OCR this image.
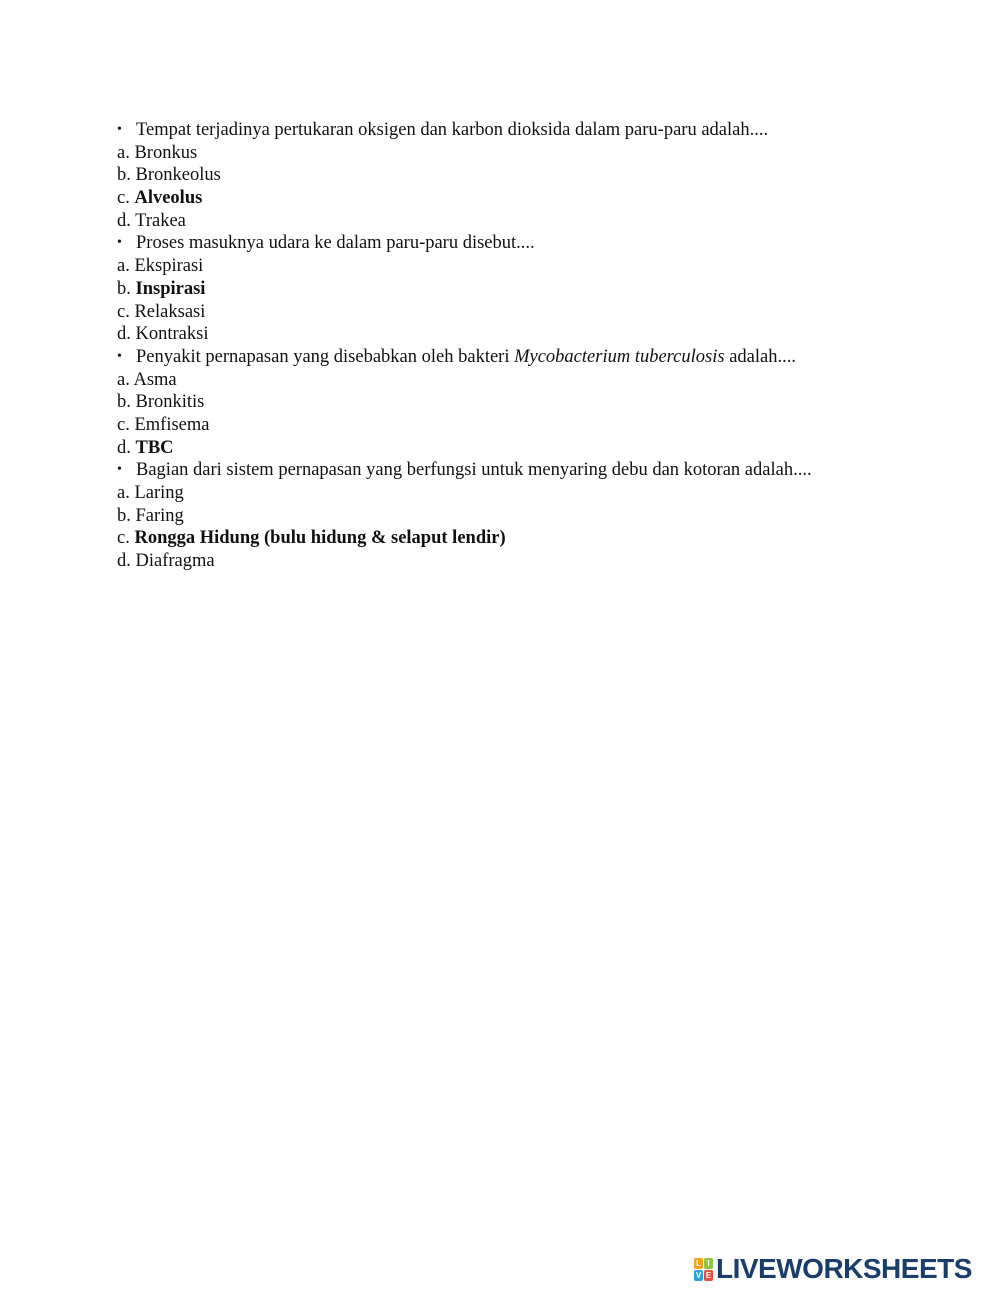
• Tempat terjadinya pertukaran oksigen dan karbon dioksida dalam paru-paru adalah....
a. Bronkus
b. Bronkeolus
c. Alveolus
d. Trakea
• Proses masuknya udara ke dalam paru-paru disebut....
a. Ekspirasi
b. Inspirasi
c. Relaksasi
d. Kontraksi
• Penyakit pernapasan yang disebabkan oleh bakteri Mycobacterium tuberculosis adalah....
a. Asma
b. Bronkitis
c. Emfisema
d. TBC
• Bagian dari sistem pernapasan yang berfungsi untuk menyaring debu dan kotoran adalah....
a. Laring
b. Faring
c. Rongga Hidung (bulu hidung & selaput lendir)
d. Diafragma
L I
V E LIVEWORKSHEETS
